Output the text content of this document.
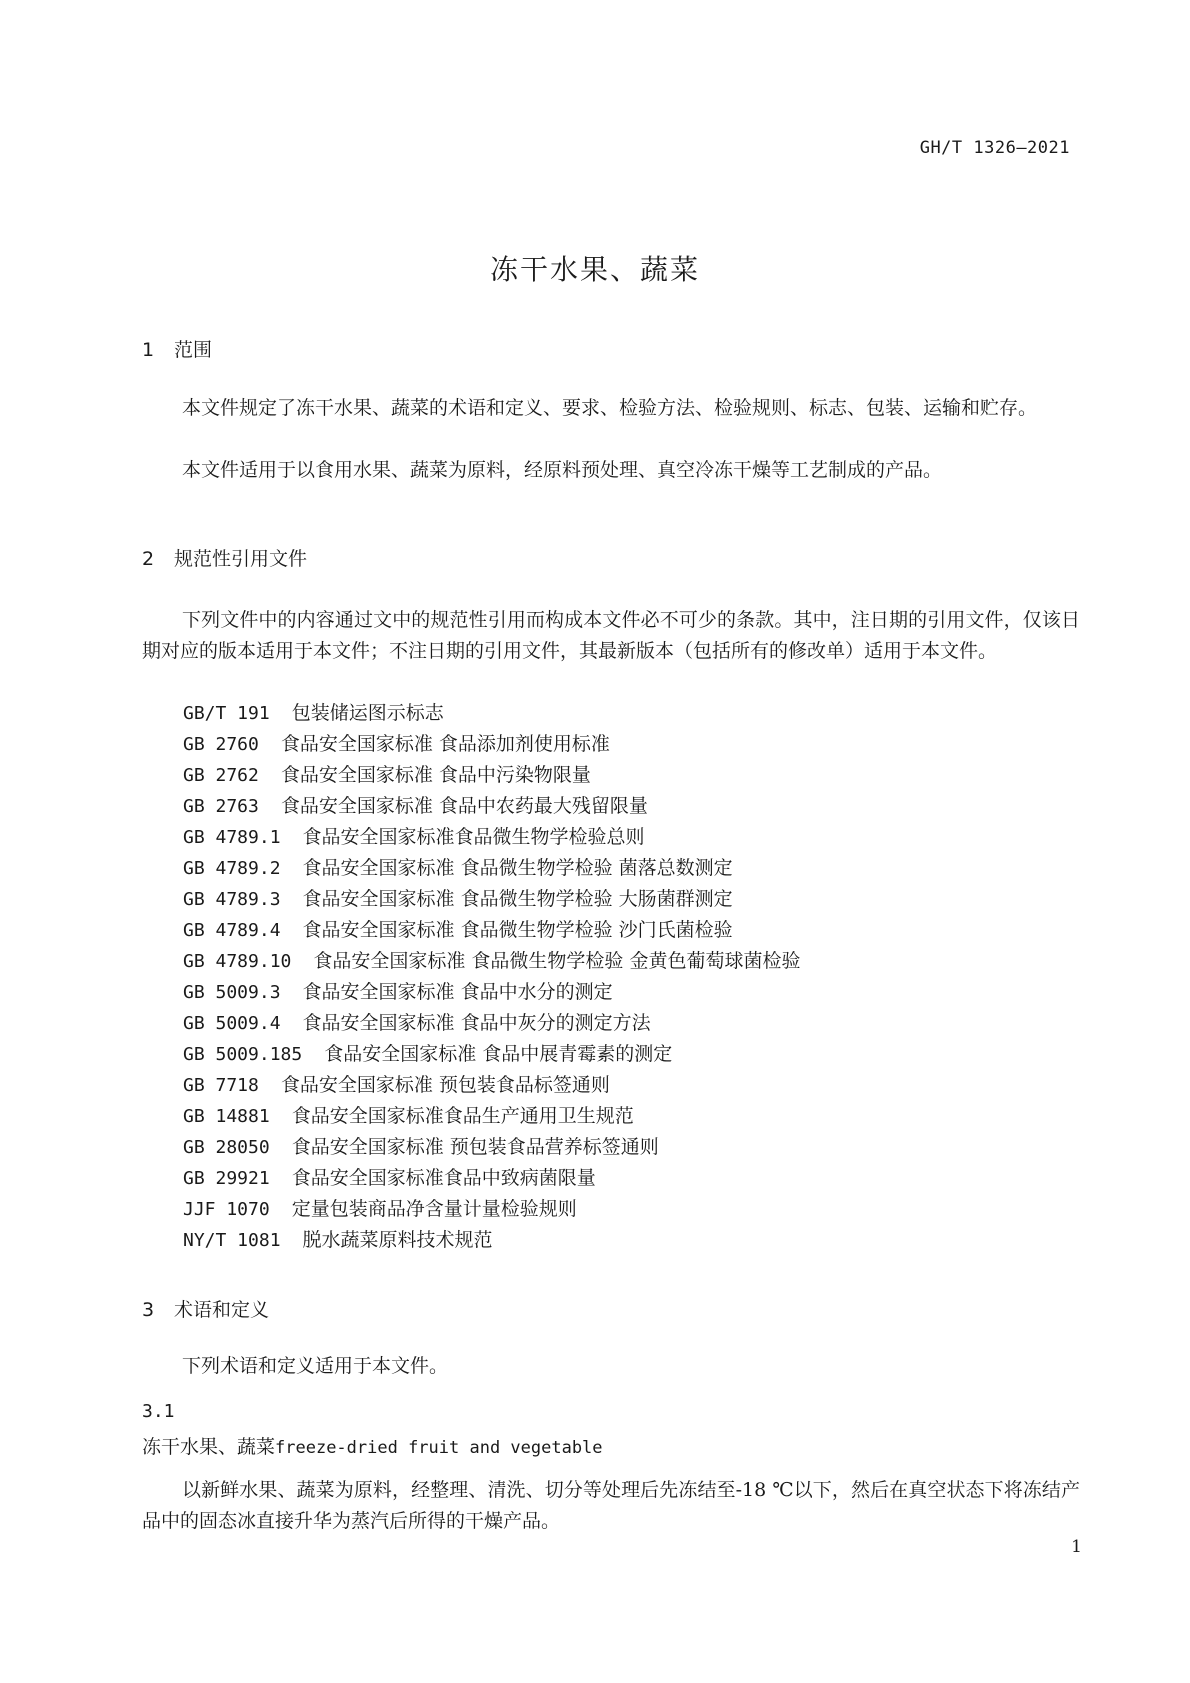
GH/T 1326—2021
冻干水果、蔬菜
1 范围
本文件规定了冻干水果、蔬菜的术语和定义、要求、检验方法、检验规则、标志、包装、运输和贮存。
本文件适用于以食用水果、蔬菜为原料，经原料预处理、真空冷冻干燥等工艺制成的产品。
2 规范性引用文件
下列文件中的内容通过文中的规范性引用而构成本文件必不可少的条款。其中，注日期的引用文件，仅该日期对应的版本适用于本文件；不注日期的引用文件，其最新版本（包括所有的修改单）适用于本文件。
GB/T 191 包装储运图示标志
GB 2760 食品安全国家标准 食品添加剂使用标准
GB 2762 食品安全国家标准 食品中污染物限量
GB 2763 食品安全国家标准 食品中农药最大残留限量
GB 4789.1 食品安全国家标准食品微生物学检验总则
GB 4789.2 食品安全国家标准 食品微生物学检验 菌落总数测定
GB 4789.3 食品安全国家标准 食品微生物学检验 大肠菌群测定
GB 4789.4 食品安全国家标准 食品微生物学检验 沙门氏菌检验
GB 4789.10 食品安全国家标准 食品微生物学检验 金黄色葡萄球菌检验
GB 5009.3 食品安全国家标准 食品中水分的测定
GB 5009.4 食品安全国家标准 食品中灰分的测定方法
GB 5009.185 食品安全国家标准 食品中展青霉素的测定
GB 7718 食品安全国家标准 预包装食品标签通则
GB 14881 食品安全国家标准食品生产通用卫生规范
GB 28050 食品安全国家标准 预包装食品营养标签通则
GB 29921 食品安全国家标准食品中致病菌限量
JJF 1070 定量包装商品净含量计量检验规则
NY/T 1081 脱水蔬菜原料技术规范
3 术语和定义
下列术语和定义适用于本文件。
3.1
冻干水果、蔬菜freeze-dried fruit and vegetable
以新鲜水果、蔬菜为原料，经整理、清洗、切分等处理后先冻结至-18 ℃以下，然后在真空状态下将冻结产品中的固态冰直接升华为蒸汽后所得的干燥产品。
1
